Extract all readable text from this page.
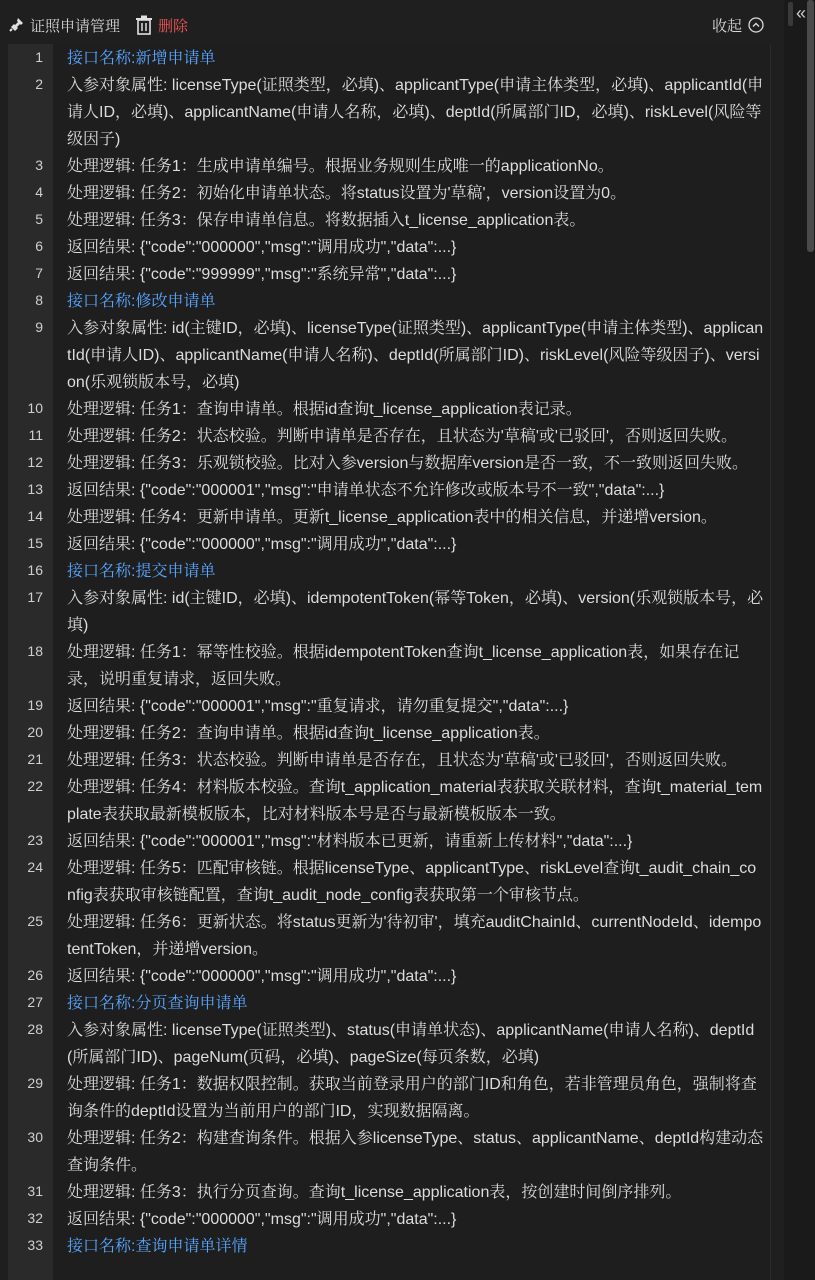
证照申请管理	删除	收起
«
1 接口名称:新增申请单
2 入参对象属性: licenseType(证照类型，必填)、applicantType(申请主体类型，必填)、applicantId(申请人ID，必填)、applicantName(申请人名称，必填)、deptId(所属部门ID，必填)、riskLevel(风险等级因子)
3 处理逻辑: 任务1：生成申请单编号。根据业务规则生成唯一的applicationNo。
4 处理逻辑: 任务2：初始化申请单状态。将status设置为'草稿'，version设置为0。
5 处理逻辑: 任务3：保存申请单信息。将数据插入t_license_application表。
6 返回结果: {"code":"000000","msg":"调用成功","data":...}
7 返回结果: {"code":"999999","msg":"系统异常","data":...}
8 接口名称:修改申请单
9 入参对象属性: id(主键ID，必填)、licenseType(证照类型)、applicantType(申请主体类型)、applicantId(申请人ID)、applicantName(申请人名称)、deptId(所属部门ID)、riskLevel(风险等级因子)、version(乐观锁版本号，必填)
10 处理逻辑: 任务1：查询申请单。根据id查询t_license_application表记录。
11 处理逻辑: 任务2：状态校验。判断申请单是否存在，且状态为'草稿'或'已驳回'，否则返回失败。
12 处理逻辑: 任务3：乐观锁校验。比对入参version与数据库version是否一致，不一致则返回失败。
13 返回结果: {"code":"000001","msg":"申请单状态不允许修改或版本号不一致","data":...}
14 处理逻辑: 任务4：更新申请单。更新t_license_application表中的相关信息，并递增version。
15 返回结果: {"code":"000000","msg":"调用成功","data":...}
16 接口名称:提交申请单
17 入参对象属性: id(主键ID，必填)、idempotentToken(幂等Token，必填)、version(乐观锁版本号，必填)
18 处理逻辑: 任务1：幂等性校验。根据idempotentToken查询t_license_application表，如果存在记录，说明重复请求，返回失败。
19 返回结果: {"code":"000001","msg":"重复请求，请勿重复提交","data":...}
20 处理逻辑: 任务2：查询申请单。根据id查询t_license_application表。
21 处理逻辑: 任务3：状态校验。判断申请单是否存在，且状态为'草稿'或'已驳回'，否则返回失败。
22 处理逻辑: 任务4：材料版本校验。查询t_application_material表获取关联材料，查询t_material_template表获取最新模板版本，比对材料版本号是否与最新模板版本一致。
23 返回结果: {"code":"000001","msg":"材料版本已更新，请重新上传材料","data":...}
24 处理逻辑: 任务5：匹配审核链。根据licenseType、applicantType、riskLevel查询t_audit_chain_config表获取审核链配置，查询t_audit_node_config表获取第一个审核节点。
25 处理逻辑: 任务6：更新状态。将status更新为'待初审'，填充auditChainId、currentNodeId、idempotentToken，并递增version。
26 返回结果: {"code":"000000","msg":"调用成功","data":...}
27 接口名称:分页查询申请单
28 入参对象属性: licenseType(证照类型)、status(申请单状态)、applicantName(申请人名称)、deptId(所属部门ID)、pageNum(页码，必填)、pageSize(每页条数，必填)
29 处理逻辑: 任务1：数据权限控制。获取当前登录用户的部门ID和角色，若非管理员角色，强制将查询条件的deptId设置为当前用户的部门ID，实现数据隔离。
30 处理逻辑: 任务2：构建查询条件。根据入参licenseType、status、applicantName、deptId构建动态查询条件。
31 处理逻辑: 任务3：执行分页查询。查询t_license_application表，按创建时间倒序排列。
32 返回结果: {"code":"000000","msg":"调用成功","data":...}
33 接口名称:查询申请单详情
